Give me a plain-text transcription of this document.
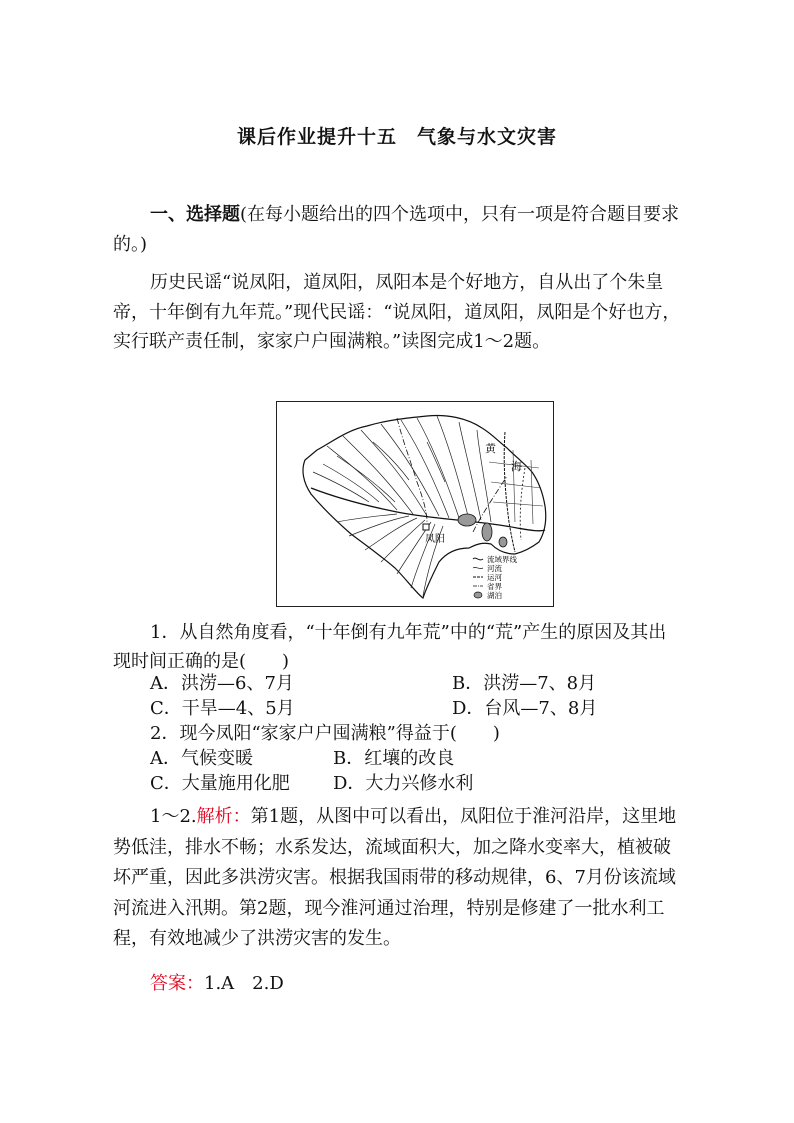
课后作业提升十五　气象与水文灾害

一、选择题(在每小题给出的四个选项中，只有一项是符合题目要求的。)

历史民谣“说凤阳，道凤阳，凤阳本是个好地方，自从出了个朱皇帝，十年倒有九年荒。”现代民谣：“说凤阳，道凤阳，凤阳是个好也方，实行联产责任制，家家户户囤满粮。”读图完成1～2题。

黄
海
凤阳
流域界线
河流
运河
省界
湖泊

1．从自然角度看，“十年倒有九年荒”中的“荒”产生的原因及其出现时间正确的是(　　)

A．洪涝—6、7月	B．洪涝—7、8月
C．干旱—4、5月	D．台风—7、8月
2．现今凤阳“家家户户囤满粮”得益于(　　)
A．气候变暖	B．红壤的改良
C．大量施用化肥 D．大力兴修水利

1～2.解析：第1题，从图中可以看出，凤阳位于淮河沿岸，这里地势低洼，排水不畅；水系发达，流域面积大，加之降水变率大，植被破坏严重，因此多洪涝灾害。根据我国雨带的移动规律，6、7月份该流域河流进入汛期。第2题，现今淮河通过治理，特别是修建了一批水利工程，有效地减少了洪涝灾害的发生。

答案：1.A　2.D
